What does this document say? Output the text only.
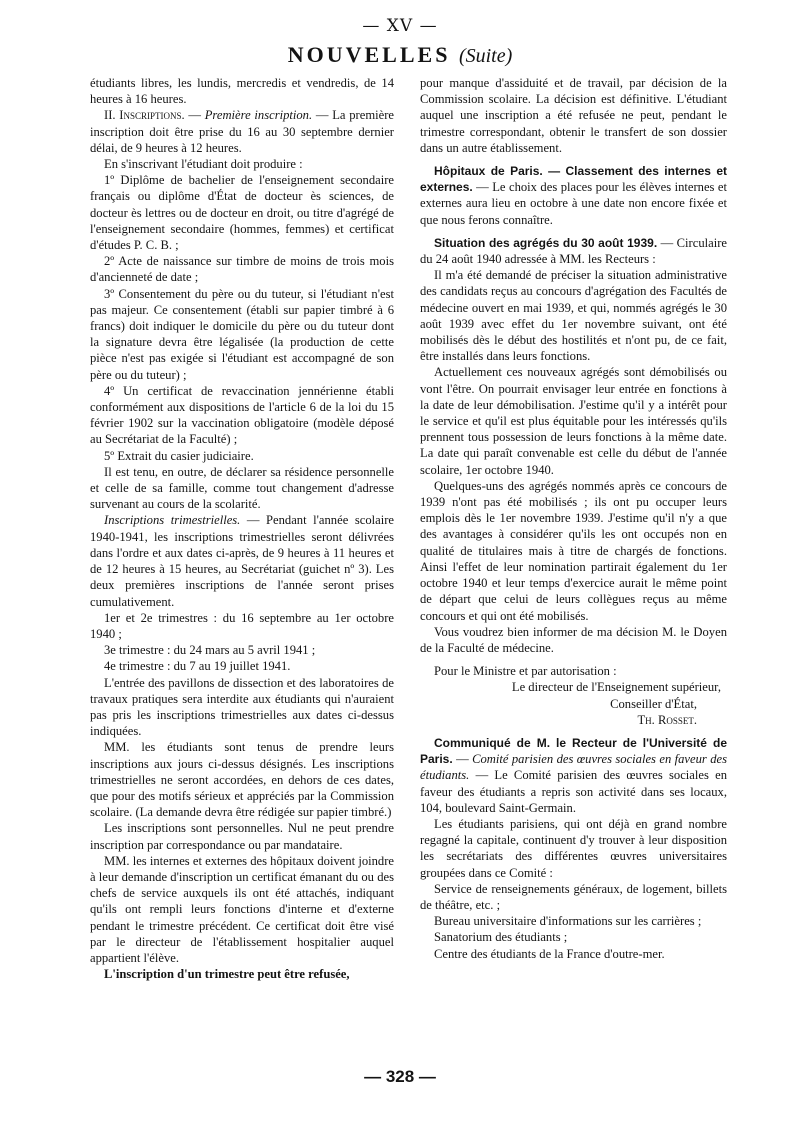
— XV —
NOUVELLES (Suite)

étudiants libres, les lundis, mercredis et vendredis, de 14 heures à 16 heures.

II. Inscriptions. — Première inscription. — La première inscription doit être prise du 16 au 30 septembre dernier délai, de 9 heures à 12 heures.

En s'inscrivant l'étudiant doit produire :

1º Diplôme de bachelier de l'enseignement secondaire français ou diplôme d'État de docteur ès sciences, de docteur ès lettres ou de docteur en droit, ou titre d'agrégé de l'enseignement secondaire (hommes, femmes) et certificat d'études P. C. B. ;

2º Acte de naissance sur timbre de moins de trois mois d'ancienneté de date ;

3º Consentement du père ou du tuteur, si l'étudiant n'est pas majeur. Ce consentement (établi sur papier timbré à 6 francs) doit indiquer le domicile du père ou du tuteur dont la signature devra être légalisée (la production de cette pièce n'est pas exigée si l'étudiant est accompagné de son père ou du tuteur) ;

4º Un certificat de revaccination jennérienne établi conformément aux dispositions de l'article 6 de la loi du 15 février 1902 sur la vaccination obligatoire (modèle déposé au Secrétariat de la Faculté) ;

5º Extrait du casier judiciaire.

Il est tenu, en outre, de déclarer sa résidence personnelle et celle de sa famille, comme tout changement d'adresse survenant au cours de la scolarité.

Inscriptions trimestrielles. — Pendant l'année scolaire 1940-1941, les inscriptions trimestrielles seront délivrées dans l'ordre et aux dates ci-après, de 9 heures à 11 heures et de 12 heures à 15 heures, au Secrétariat (guichet nº 3). Les deux premières inscriptions de l'année seront prises cumulativement.

1er et 2e trimestres : du 16 septembre au 1er octobre 1940 ;

3e trimestre : du 24 mars au 5 avril 1941 ;

4e trimestre : du 7 au 19 juillet 1941.

L'entrée des pavillons de dissection et des laboratoires de travaux pratiques sera interdite aux étudiants qui n'auraient pas pris les inscriptions trimestrielles aux dates ci-dessus indiquées.

MM. les étudiants sont tenus de prendre leurs inscriptions aux jours ci-dessus désignés. Les inscriptions trimestrielles ne seront accordées, en dehors de ces dates, que pour des motifs sérieux et appréciés par la Commission scolaire. (La demande devra être rédigée sur papier timbré.)

Les inscriptions sont personnelles. Nul ne peut prendre inscription par correspondance ou par mandataire.

MM. les internes et externes des hôpitaux doivent joindre à leur demande d'inscription un certificat émanant du ou des chefs de service auxquels ils ont été attachés, indiquant qu'ils ont rempli leurs fonctions d'interne et d'externe pendant le trimestre précédent. Ce certificat doit être visé par le directeur de l'établissement hospitalier auquel appartient l'élève.

L'inscription d'un trimestre peut être refusée,

pour manque d'assiduité et de travail, par décision de la Commission scolaire. La décision est définitive. L'étudiant auquel une inscription a été refusée ne peut, pendant le trimestre correspondant, obtenir le transfert de son dossier dans un autre établissement.

Hôpitaux de Paris. — Classement des internes et externes. — Le choix des places pour les élèves internes et externes aura lieu en octobre à une date non encore fixée et que nous ferons connaître.

Situation des agrégés du 30 août 1939. — Circulaire du 24 août 1940 adressée à MM. les Recteurs :

Il m'a été demandé de préciser la situation administrative des candidats reçus au concours d'agrégation des Facultés de médecine ouvert en mai 1939, et qui, nommés agrégés le 30 août 1939 avec effet du 1er novembre suivant, ont été mobilisés dès le début des hostilités et n'ont pu, de ce fait, être installés dans leurs fonctions.

Actuellement ces nouveaux agrégés sont démobilisés ou vont l'être. On pourrait envisager leur entrée en fonctions à la date de leur démobilisation. J'estime qu'il y a intérêt pour le service et qu'il est plus équitable pour les intéressés qu'ils prennent tous possession de leurs fonctions à la même date. La date qui paraît convenable est celle du début de l'année scolaire, 1er octobre 1940.

Quelques-uns des agrégés nommés après ce concours de 1939 n'ont pas été mobilisés ; ils ont pu occuper leurs emplois dès le 1er novembre 1939. J'estime qu'il n'y a que des avantages à considérer qu'ils les ont occupés non en qualité de titulaires mais à titre de chargés de fonctions. Ainsi l'effet de leur nomination partirait également du 1er octobre 1940 et leur temps d'exercice aurait le même point de départ que celui de leurs collègues reçus au même concours et qui ont été mobilisés.

Vous voudrez bien informer de ma décision M. le Doyen de la Faculté de médecine.

Pour le Ministre et par autorisation :

Le directeur de l'Enseignement supérieur,

Conseiller d'État,

Th. Rosset.

Communiqué de M. le Recteur de l'Université de Paris. — Comité parisien des œuvres sociales en faveur des étudiants. — Le Comité parisien des œuvres sociales en faveur des étudiants a repris son activité dans ses locaux, 104, boulevard Saint-Germain.

Les étudiants parisiens, qui ont déjà en grand nombre regagné la capitale, continuent d'y trouver à leur disposition les secrétariats des différentes œuvres universitaires groupées dans ce Comité :

Service de renseignements généraux, de logement, billets de théâtre, etc. ;

Bureau universitaire d'informations sur les carrières ;

Sanatorium des étudiants ;

Centre des étudiants de la France d'outre-mer.

— 328 —
